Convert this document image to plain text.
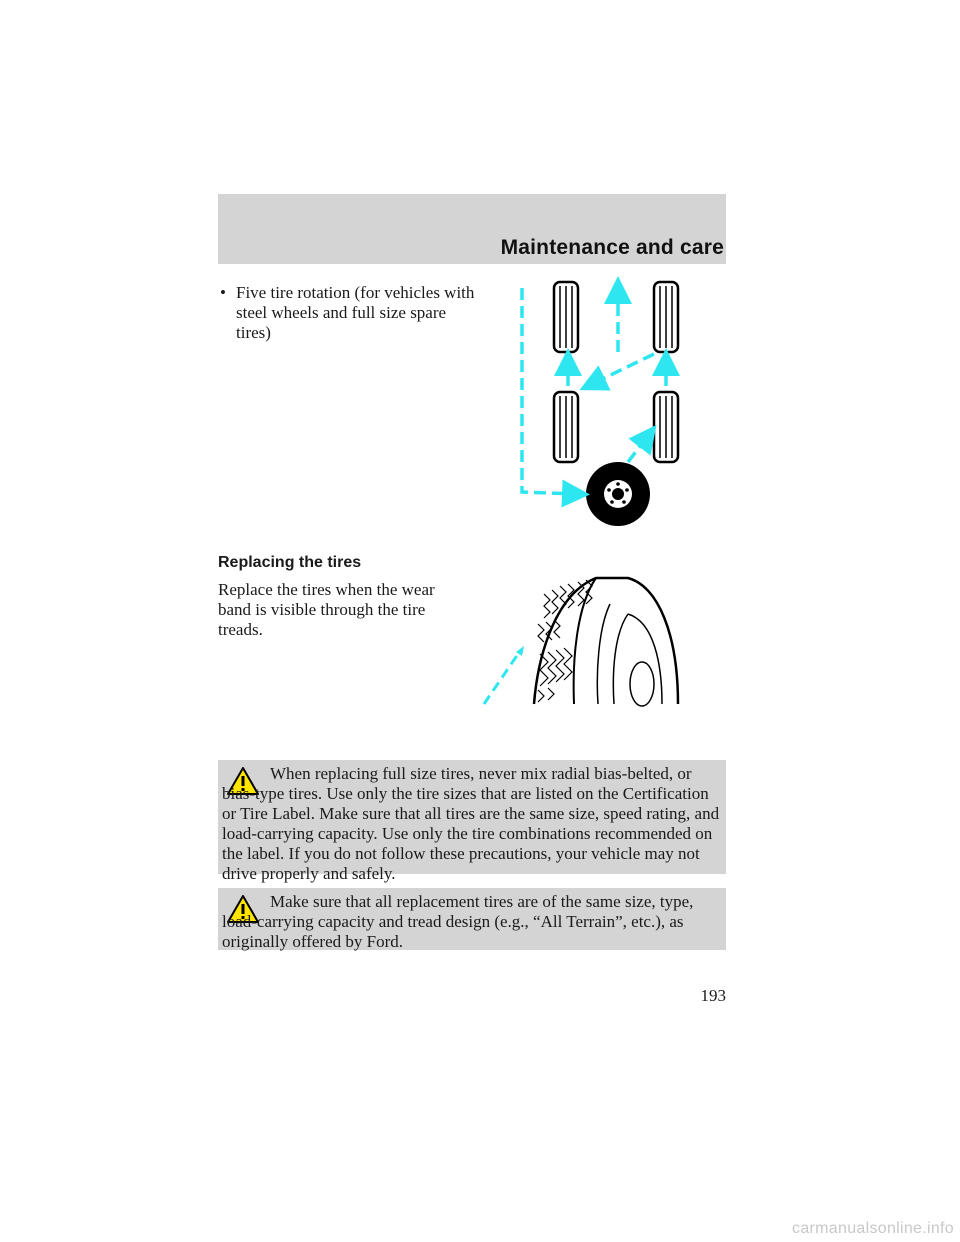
Maintenance and care
• Five tire rotation (for vehicles with steel wheels and full size spare tires)
Replacing the tires
Replace the tires when the wear band is visible through the tire treads.
When replacing full size tires, never mix radial bias-belted, or bias-type tires. Use only the tire sizes that are listed on the Certification or Tire Label. Make sure that all tires are the same size, speed rating, and load-carrying capacity. Use only the tire combinations recommended on the label. If you do not follow these precautions, your vehicle may not drive properly and safely.
Make sure that all replacement tires are of the same size, type, load-carrying capacity and tread design (e.g., “All Terrain”, etc.), as originally offered by Ford.
193
carmanualsonline.info
